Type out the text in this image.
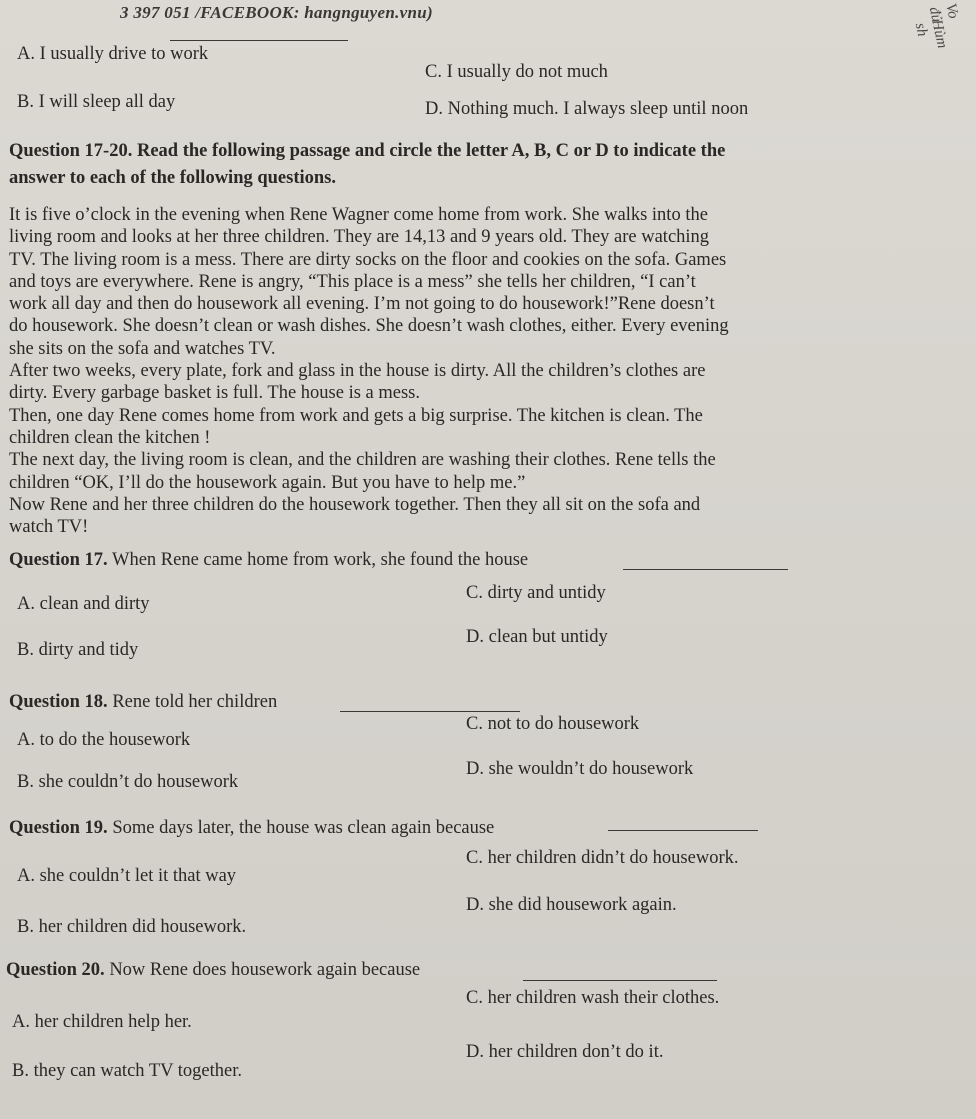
3 397 051 /FACEBOOK: hangnguyen.vnu)	Vo đủ
Hùm sh
A. I usually drive to work
C. I usually do not much
B. I will sleep all day	D. Nothing much. I always sleep until noon
Question 17-20. Read the following passage and circle the letter A, B, C or D to indicate the
answer to each of the following questions.
It is five o’clock in the evening when Rene Wagner come home from work. She walks into the
living room and looks at her three children. They are 14,13 and 9 years old. They are watching
TV. The living room is a mess. There are dirty socks on the floor and cookies on the sofa. Games
and toys are everywhere. Rene is angry, “This place is a mess” she tells her children, “I can’t
work all day and then do housework all evening. I’m not going to do housework!”Rene doesn’t
do housework. She doesn’t clean or wash dishes. She doesn’t wash clothes, either. Every evening
she sits on the sofa and watches TV.
After two weeks, every plate, fork and glass in the house is dirty. All the children’s clothes are
dirty. Every garbage basket is full. The house is a mess.
Then, one day Rene comes home from work and gets a big surprise. The kitchen is clean. The
children clean the kitchen !
The next day, the living room is clean, and the children are washing their clothes. Rene tells the
children “OK, I’ll do the housework again. But you have to help me.”
Now Rene and her three children do the housework together. Then they all sit on the sofa and
watch TV!
Question 17. When Rene came home from work, she found the house
A. clean and dirty
C. dirty and untidy
B. dirty and tidy
D. clean but untidy
Question 18. Rene told her children
A. to do the housework
C. not to do housework
B. she couldn’t do housework
D. she wouldn’t do housework
Question 19. Some days later, the house was clean again because
A. she couldn’t let it that way
C. her children didn’t do housework.
B. her children did housework.
D. she did housework again.
Question 20. Now Rene does housework again because
A. her children help her.
C. her children wash their clothes.
B. they can watch TV together.
D. her children don’t do it.
